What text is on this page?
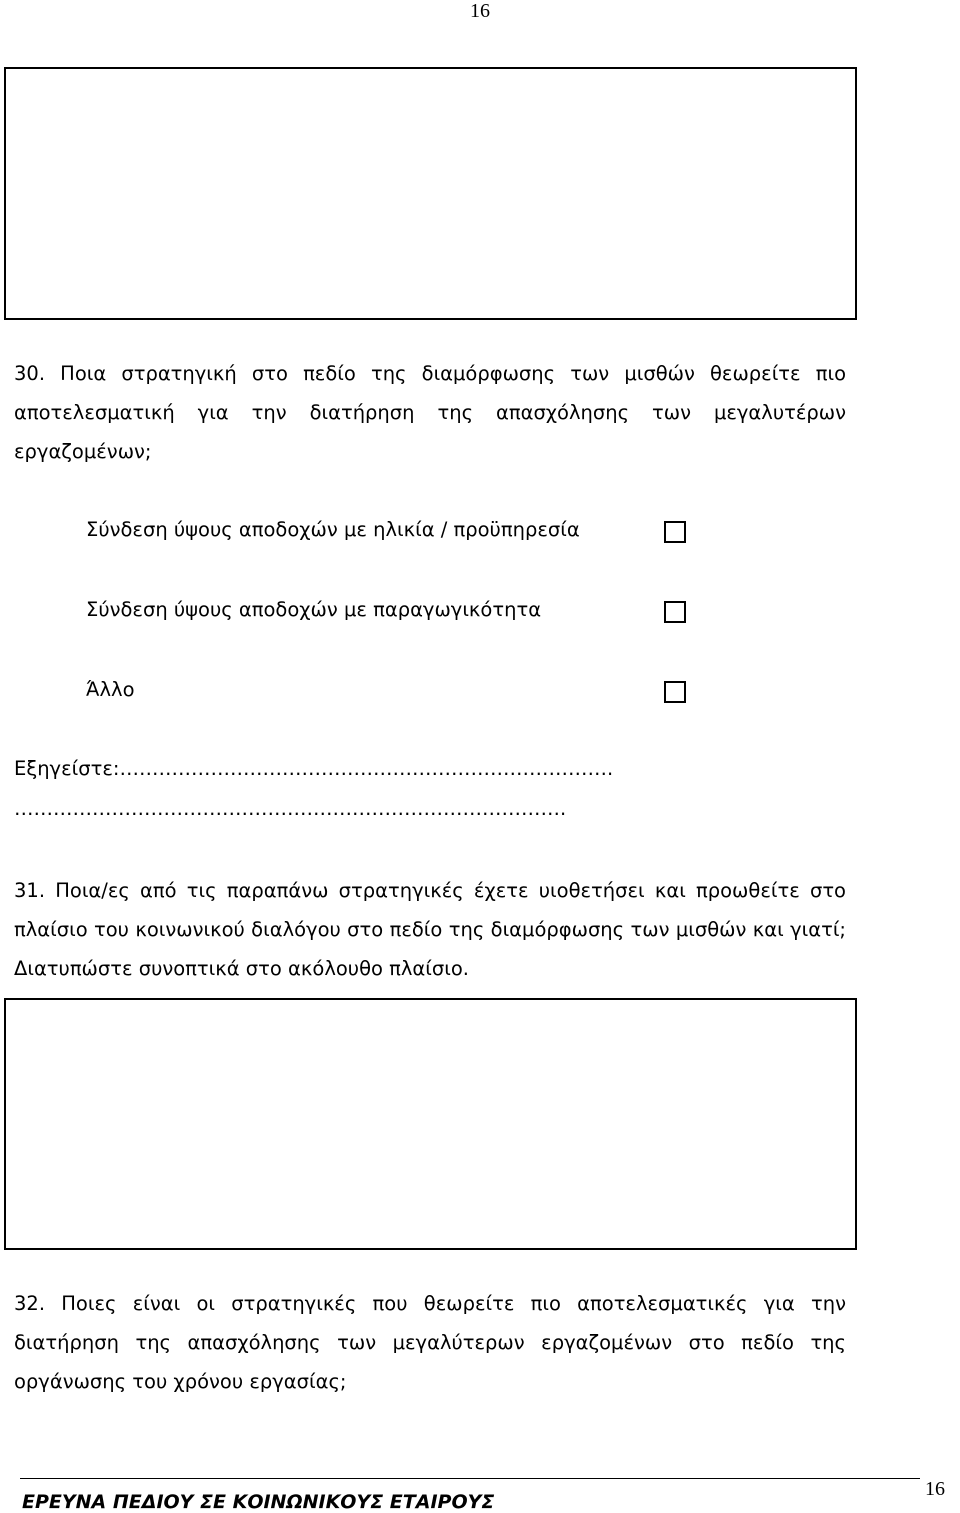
16
30. Ποια στρατηγική στο πεδίο της διαμόρφωσης των μισθών θεωρείτε πιο αποτελεσματική για την διατήρηση της απασχόλησης των μεγαλυτέρων εργαζομένων;
Σύνδεση ύψους αποδοχών με ηλικία / προϋπηρεσία
Σύνδεση ύψους αποδοχών με παραγωγικότητα
Άλλο
Εξηγείστε:………………………………………………………………….
………………………………………………………………………….
31. Ποια/ες από τις παραπάνω στρατηγικές έχετε υιοθετήσει και προωθείτε στο πλαίσιο του κοινωνικού διαλόγου στο πεδίο της διαμόρφωσης των μισθών και γιατί; Διατυπώστε συνοπτικά στο ακόλουθο πλαίσιο.
32. Ποιες είναι οι στρατηγικές που θεωρείτε πιο αποτελεσματικές για την διατήρηση της απασχόλησης των μεγαλύτερων εργαζομένων στο πεδίο της οργάνωσης του χρόνου εργασίας;
ΕΡΕΥΝΑ ΠΕΔΙΟΥ ΣΕ ΚΟΙΝΩΝΙΚΟΥΣ ΕΤΑΙΡΟΥΣ
16
